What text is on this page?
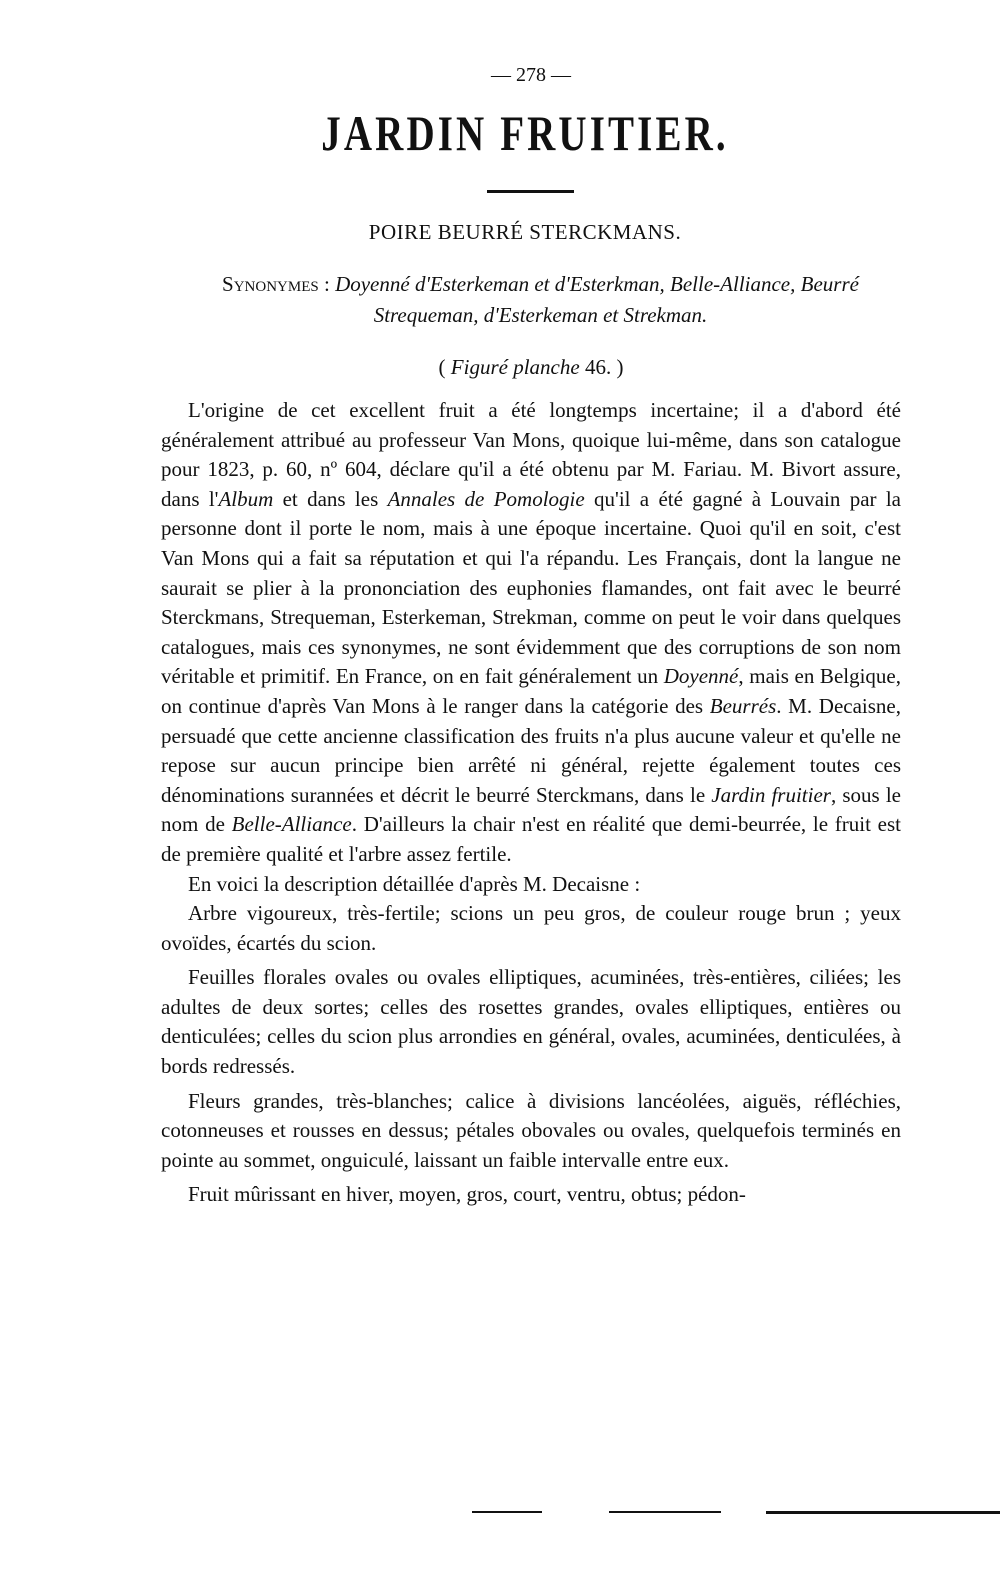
— 278 —
JARDIN FRUITIER.
POIRE BEURRÉ STERCKMANS.
Synonymes : Doyenné d'Esterkeman et d'Esterkman, Belle-Alliance, Beurré Strequeman, d'Esterkeman et Strekman.
( Figuré planche 46. )

L'origine de cet excellent fruit a été longtemps incertaine; il a d'abord été généralement attribué au professeur Van Mons, quoique lui-même, dans son catalogue pour 1823, p. 60, nº 604, déclare qu'il a été obtenu par M. Fariau. M. Bivort assure, dans l'Album et dans les Annales de Pomologie qu'il a été gagné à Louvain par la personne dont il porte le nom, mais à une époque incertaine. Quoi qu'il en soit, c'est Van Mons qui a fait sa réputation et qui l'a répandu. Les Français, dont la langue ne saurait se plier à la prononciation des euphonies flamandes, ont fait avec le beurré Sterckmans, Strequeman, Esterkeman, Strekman, comme on peut le voir dans quelques catalogues, mais ces synonymes, ne sont évidemment que des corruptions de son nom véritable et primitif. En France, on en fait généralement un Doyenné, mais en Belgique, on continue d'après Van Mons à le ranger dans la catégorie des Beurrés. M. Decaisne, persuadé que cette ancienne classification des fruits n'a plus aucune valeur et qu'elle ne repose sur aucun principe bien arrêté ni général, rejette également toutes ces dénominations surannées et décrit le beurré Sterckmans, dans le Jardin fruitier, sous le nom de Belle-Alliance. D'ailleurs la chair n'est en réalité que demi-beurrée, le fruit est de première qualité et l'arbre assez fertile.

En voici la description détaillée d'après M. Decaisne :

Arbre vigoureux, très-fertile; scions un peu gros, de couleur rouge brun ; yeux ovoïdes, écartés du scion.

Feuilles florales ovales ou ovales elliptiques, acuminées, très-entières, ciliées; les adultes de deux sortes; celles des rosettes grandes, ovales elliptiques, entières ou denticulées; celles du scion plus arrondies en général, ovales, acuminées, denticulées, à bords redressés.

Fleurs grandes, très-blanches; calice à divisions lancéolées, aiguës, réfléchies, cotonneuses et rousses en dessus; pétales obovales ou ovales, quelquefois terminés en pointe au sommet, onguiculé, laissant un faible intervalle entre eux.

Fruit mûrissant en hiver, moyen, gros, court, ventru, obtus; pédon-
